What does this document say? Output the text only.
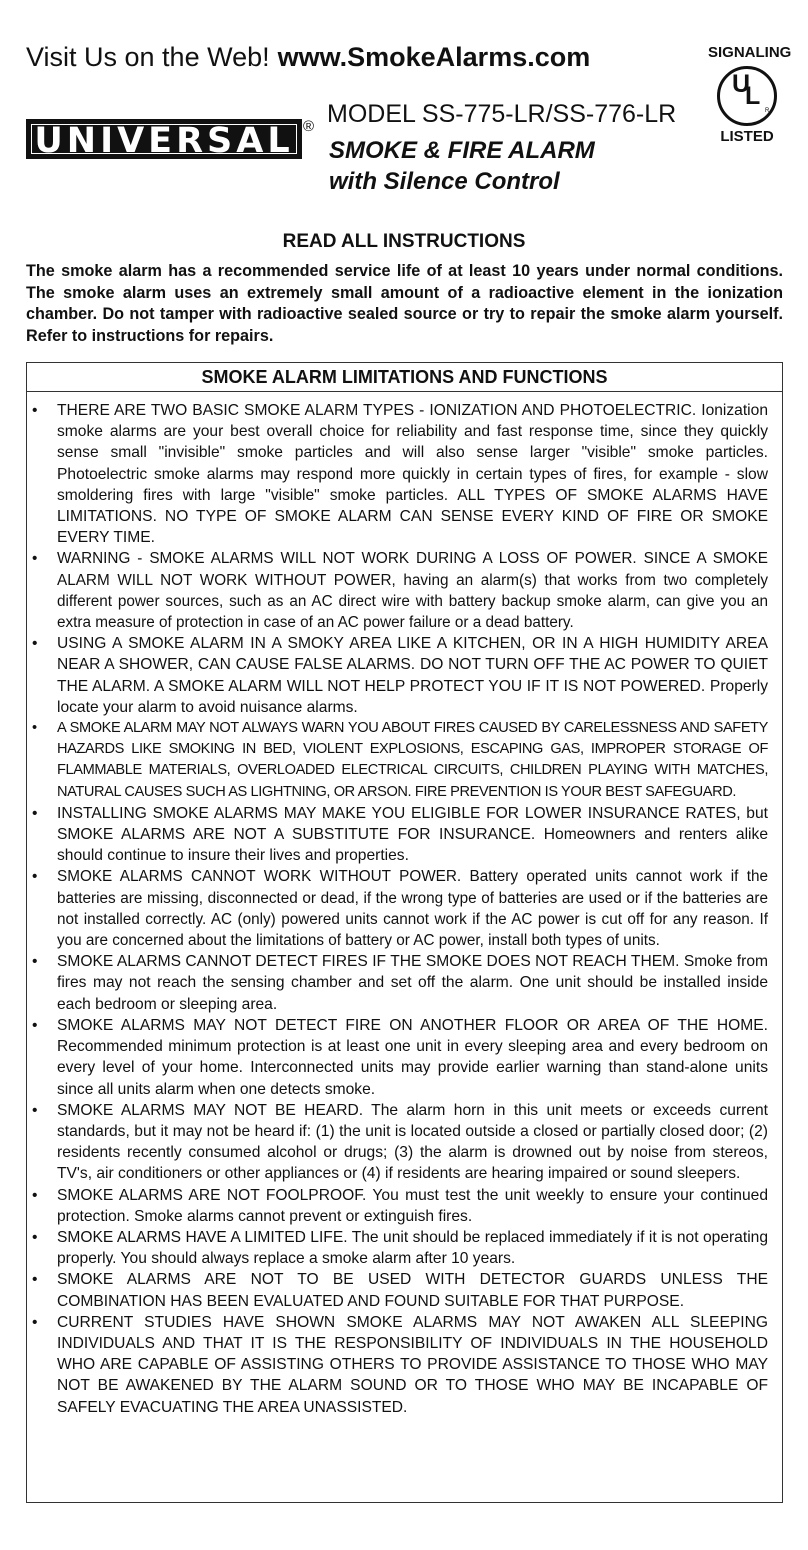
Visit Us on the Web! www.SmokeAlarms.com	SIGNALING
U
L
R
LISTED
UNIVERSAL ® MODEL SS-775-LR/SS-776-LR
SMOKE & FIRE ALARM
with Silence Control
READ ALL INSTRUCTIONS
The smoke alarm has a recommended service life of at least 10 years under normal conditions. The smoke alarm uses an extremely small amount of a radioactive element in the ionization chamber. Do not tamper with radioactive sealed source or try to repair the smoke alarm yourself. Refer to instructions for repairs.
SMOKE ALARM LIMITATIONS AND FUNCTIONS
• THERE ARE TWO BASIC SMOKE ALARM TYPES - IONIZATION AND PHOTOELECTRIC. Ionization smoke alarms are your best overall choice for reliability and fast response time, since they quickly sense small "invisible" smoke particles and will also sense larger "visible" smoke particles. Photoelectric smoke alarms may respond more quickly in certain types of fires, for example - slow smoldering fires with large "visible" smoke particles. ALL TYPES OF SMOKE ALARMS HAVE LIMITATIONS. NO TYPE OF SMOKE ALARM CAN SENSE EVERY KIND OF FIRE OR SMOKE EVERY TIME.
• WARNING - SMOKE ALARMS WILL NOT WORK DURING A LOSS OF POWER. SINCE A SMOKE ALARM WILL NOT WORK WITHOUT POWER, having an alarm(s) that works from two completely different power sources, such as an AC direct wire with battery backup smoke alarm, can give you an extra measure of protection in case of an AC power failure or a dead battery.
• USING A SMOKE ALARM IN A SMOKY AREA LIKE A KITCHEN, OR IN A HIGH HUMIDITY AREA NEAR A SHOWER, CAN CAUSE FALSE ALARMS. DO NOT TURN OFF THE AC POWER TO QUIET THE ALARM. A SMOKE ALARM WILL NOT HELP PROTECT YOU IF IT IS NOT POWERED. Properly locate your alarm to avoid nuisance alarms.
• A SMOKE ALARM MAY NOT ALWAYS WARN YOU ABOUT FIRES CAUSED BY CARELESSNESS AND SAFETY HAZARDS LIKE SMOKING IN BED, VIOLENT EXPLOSIONS, ESCAPING GAS, IMPROPER STORAGE OF FLAMMABLE MATERIALS, OVERLOADED ELECTRICAL CIRCUITS, CHILDREN PLAYING WITH MATCHES, NATURAL CAUSES SUCH AS LIGHTNING, OR ARSON. FIRE PREVENTION IS YOUR BEST SAFEGUARD.
• INSTALLING SMOKE ALARMS MAY MAKE YOU ELIGIBLE FOR LOWER INSURANCE RATES, but SMOKE ALARMS ARE NOT A SUBSTITUTE FOR INSURANCE. Homeowners and renters alike should continue to insure their lives and properties.
• SMOKE ALARMS CANNOT WORK WITHOUT POWER. Battery operated units cannot work if the batteries are missing, disconnected or dead, if the wrong type of batteries are used or if the batteries are not installed correctly. AC (only) powered units cannot work if the AC power is cut off for any reason. If you are concerned about the limitations of battery or AC power, install both types of units.
• SMOKE ALARMS CANNOT DETECT FIRES IF THE SMOKE DOES NOT REACH THEM. Smoke from fires may not reach the sensing chamber and set off the alarm. One unit should be installed inside each bedroom or sleeping area.
• SMOKE ALARMS MAY NOT DETECT FIRE ON ANOTHER FLOOR OR AREA OF THE HOME. Recommended minimum protection is at least one unit in every sleeping area and every bedroom on every level of your home. Interconnected units may provide earlier warning than stand-alone units since all units alarm when one detects smoke.
• SMOKE ALARMS MAY NOT BE HEARD. The alarm horn in this unit meets or exceeds current standards, but it may not be heard if: (1) the unit is located outside a closed or partially closed door; (2) residents recently consumed alcohol or drugs; (3) the alarm is drowned out by noise from stereos, TV's, air conditioners or other appliances or (4) if residents are hearing impaired or sound sleepers.
• SMOKE ALARMS ARE NOT FOOLPROOF. You must test the unit weekly to ensure your continued protection. Smoke alarms cannot prevent or extinguish fires.
• SMOKE ALARMS HAVE A LIMITED LIFE. The unit should be replaced immediately if it is not operating properly. You should always replace a smoke alarm after 10 years.
• SMOKE ALARMS ARE NOT TO BE USED WITH DETECTOR GUARDS UNLESS THE COMBINATION HAS BEEN EVALUATED AND FOUND SUITABLE FOR THAT PURPOSE.
• CURRENT STUDIES HAVE SHOWN SMOKE ALARMS MAY NOT AWAKEN ALL SLEEPING INDIVIDUALS AND THAT IT IS THE RESPONSIBILITY OF INDIVIDUALS IN THE HOUSEHOLD WHO ARE CAPABLE OF ASSISTING OTHERS TO PROVIDE ASSISTANCE TO THOSE WHO MAY NOT BE AWAKENED BY THE ALARM SOUND OR TO THOSE WHO MAY BE INCAPABLE OF SAFELY EVACUATING THE AREA UNASSISTED.
